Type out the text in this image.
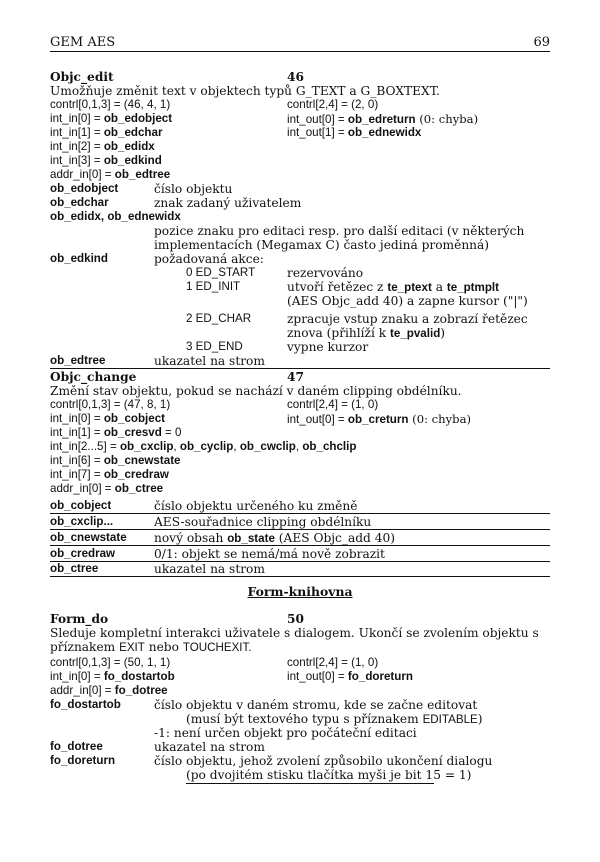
GEM AES	69
Objc_edit	46
Umožňuje změnit text v objektech typů G_TEXT a G_BOXTEXT.
contrl[0,1,3] = (46, 4, 1)	contrl[2,4] = (2, 0)
int_in[0] = ob_edobject	int_out[0] = ob_edreturn (0: chyba)
int_in[1] = ob_edchar	int_out[1] = ob_ednewidx
int_in[2] = ob_edidx
int_in[3] = ob_edkind
addr_in[0] = ob_edtree
ob_edobject	číslo objektu
ob_edchar	znak zadaný uživatelem
ob_edidx, ob_ednewidx
pozice znaku pro editaci resp. pro další editaci (v některých
implementacích (Megamax C) často jediná proměnná)
ob_edkind	požadovaná akce:
0 ED_START	rezervováno
1 ED_INIT	utvoří řetězec z te_ptext a te_ptmplt
(AES Objc_add 40) a zapne kursor ("|")
2 ED_CHAR	zpracuje vstup znaku a zobrazí řetězec
znova (přihlíží k te_pvalid)
3 ED_END	vypne kurzor
ob_edtree	ukazatel na strom
Objc_change	47
Změní stav objektu, pokud se nachází v daném clipping obdélníku.
contrl[0,1,3] = (47, 8, 1)	contrl[2,4] = (1, 0)
int_in[0] = ob_cobject	int_out[0] = ob_creturn (0: chyba)
int_in[1] = ob_cresvd = 0
int_in[2...5] = ob_cxclip, ob_cyclip, ob_cwclip, ob_chclip
int_in[6] = ob_cnewstate
int_in[7] = ob_credraw
addr_in[0] = ob_ctree
ob_cobject	číslo objektu určeného ku změně
ob_cxclip...	AES-souřadnice clipping obdélníku
ob_cnewstate nový obsah ob_state (AES Objc_add 40)
ob_credraw	0/1: objekt se nemá/má nově zobrazit
ob_ctree	ukazatel na strom
Form-knihovna
Form_do	50
Sleduje kompletní interakci uživatele s dialogem. Ukončí se zvolením objektu s
příznakem EXIT nebo TOUCHEXIT.
contrl[0,1,3] = (50, 1, 1)	contrl[2,4] = (1, 0)
int_in[0] = fo_dostartob	int_out[0] = fo_doreturn
addr_in[0] = fo_dotree
fo_dostartob	číslo objektu v daném stromu, kde se začne editovat
(musí být textového typu s příznakem EDITABLE)
-1: není určen objekt pro počáteční editaci
fo_dotree	ukazatel na strom
fo_doreturn	číslo objektu, jehož zvolení způsobilo ukončení dialogu
(po dvojitém stisku tlačítka myši je bit 15 = 1)
